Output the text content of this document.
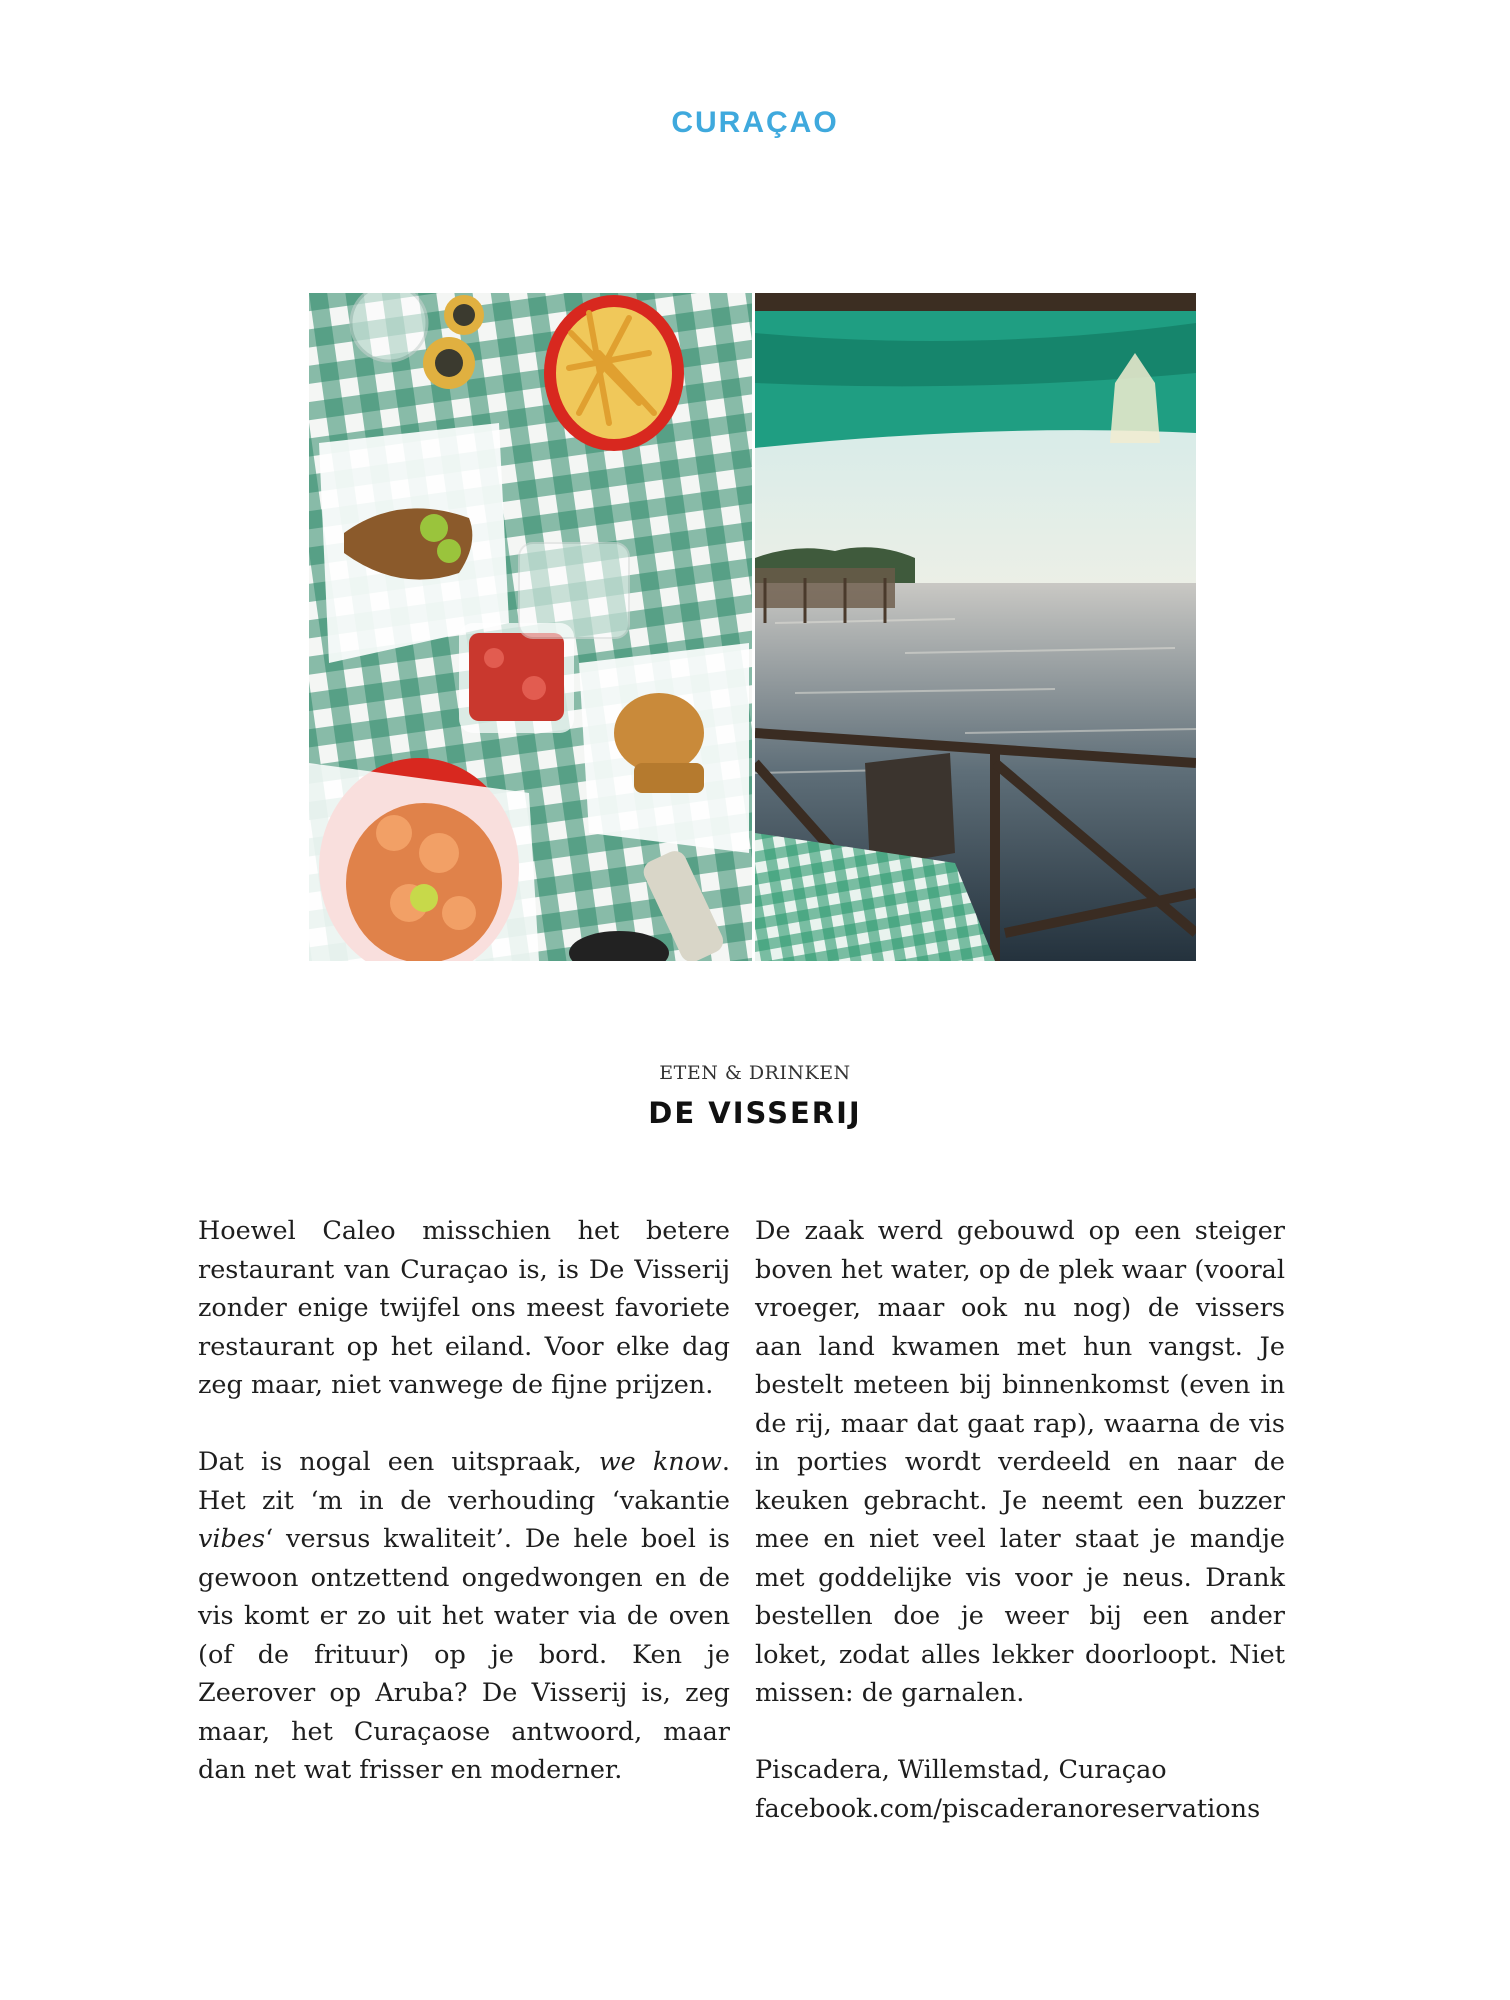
CURAÇAO
ETEN & DRINKEN
DE VISSERIJ

Hoewel Caleo misschien het betere restaurant van Curaçao is, is De Visserij zonder enige twijfel ons meest favoriete restaurant op het eiland. Voor elke dag zeg maar, niet vanwege de fijne prijzen.

Dat is nogal een uitspraak, we know. Het zit ‘m in de verhouding ‘vakantie vibes‘ versus kwaliteit’. De hele boel is gewoon ontzettend ongedwongen en de vis komt er zo uit het water via de oven (of de frituur) op je bord. Ken je Zeerover op Aruba? De Visserij is, zeg maar, het Curaçaose antwoord, maar dan net wat frisser en moderner.

De zaak werd gebouwd op een steiger boven het water, op de plek waar (vooral vroeger, maar ook nu nog) de vissers aan land kwamen met hun vangst. Je bestelt meteen bij binnenkomst (even in de rij, maar dat gaat rap), waarna de vis in porties wordt verdeeld en naar de keuken gebracht. Je neemt een buzzer mee en niet veel later staat je mandje met goddelijke vis voor je neus. Drank bestellen doe je weer bij een ander loket, zodat alles lekker doorloopt. Niet missen: de garnalen.

Piscadera, Willemstad, Curaçao
facebook.com/piscaderanoreservations
